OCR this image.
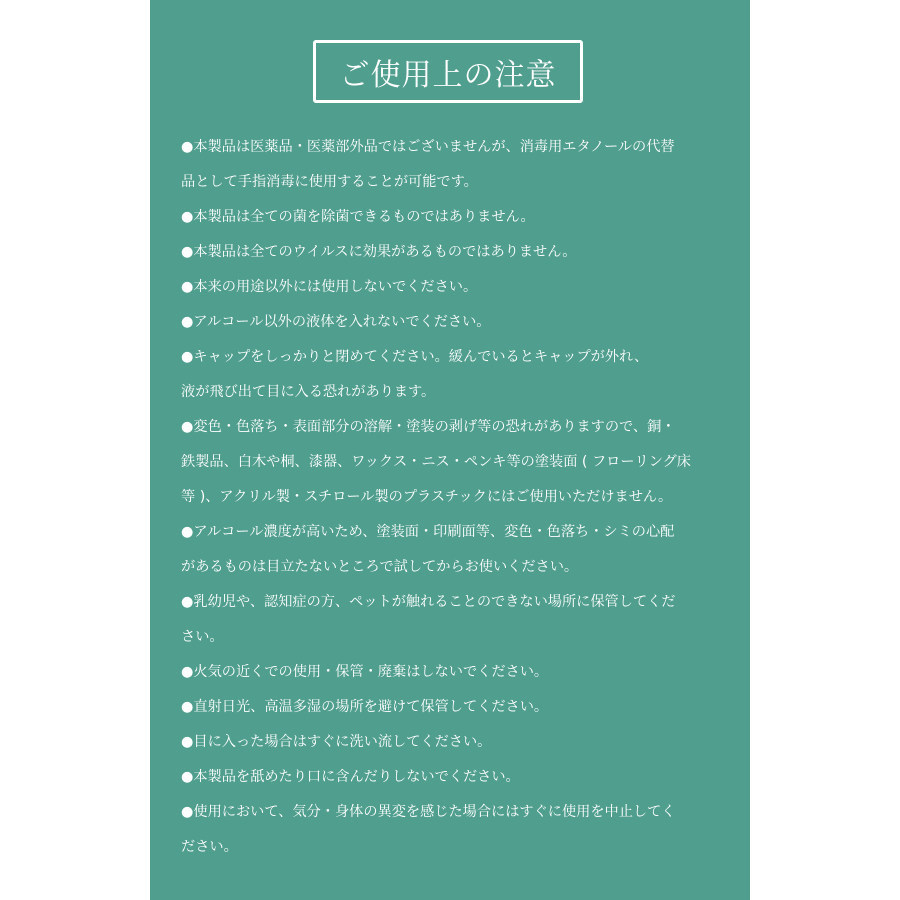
ご使用上の注意
●本製品は医薬品・医薬部外品ではございませんが、消毒用エタノールの代替
品として手指消毒に使用することが可能です。
●本製品は全ての菌を除菌できるものではありません。
●本製品は全てのウイルスに効果があるものではありません。
●本来の用途以外には使用しないでください。
●アルコール以外の液体を入れないでください。
●キャップをしっかりと閉めてください。緩んでいるとキャップが外れ、
液が飛び出て目に入る恐れがあります。
●変色・色落ち・表面部分の溶解・塗装の剥げ等の恐れがありますので、銅・
鉄製品、白木や桐、漆器、ワックス・ニス・ペンキ等の塗装面 ( フローリング床
等 )、アクリル製・スチロール製のプラスチックにはご使用いただけません。
●アルコール濃度が高いため、塗装面・印刷面等、変色・色落ち・シミの心配
があるものは目立たないところで試してからお使いください。
●乳幼児や、認知症の方、ペットが触れることのできない場所に保管してくだ
さい。
●火気の近くでの使用・保管・廃棄はしないでください。
●直射日光、高温多湿の場所を避けて保管してください。
●目に入った場合はすぐに洗い流してください。
●本製品を舐めたり口に含んだりしないでください。
●使用において、気分・身体の異変を感じた場合にはすぐに使用を中止してく
ださい。
